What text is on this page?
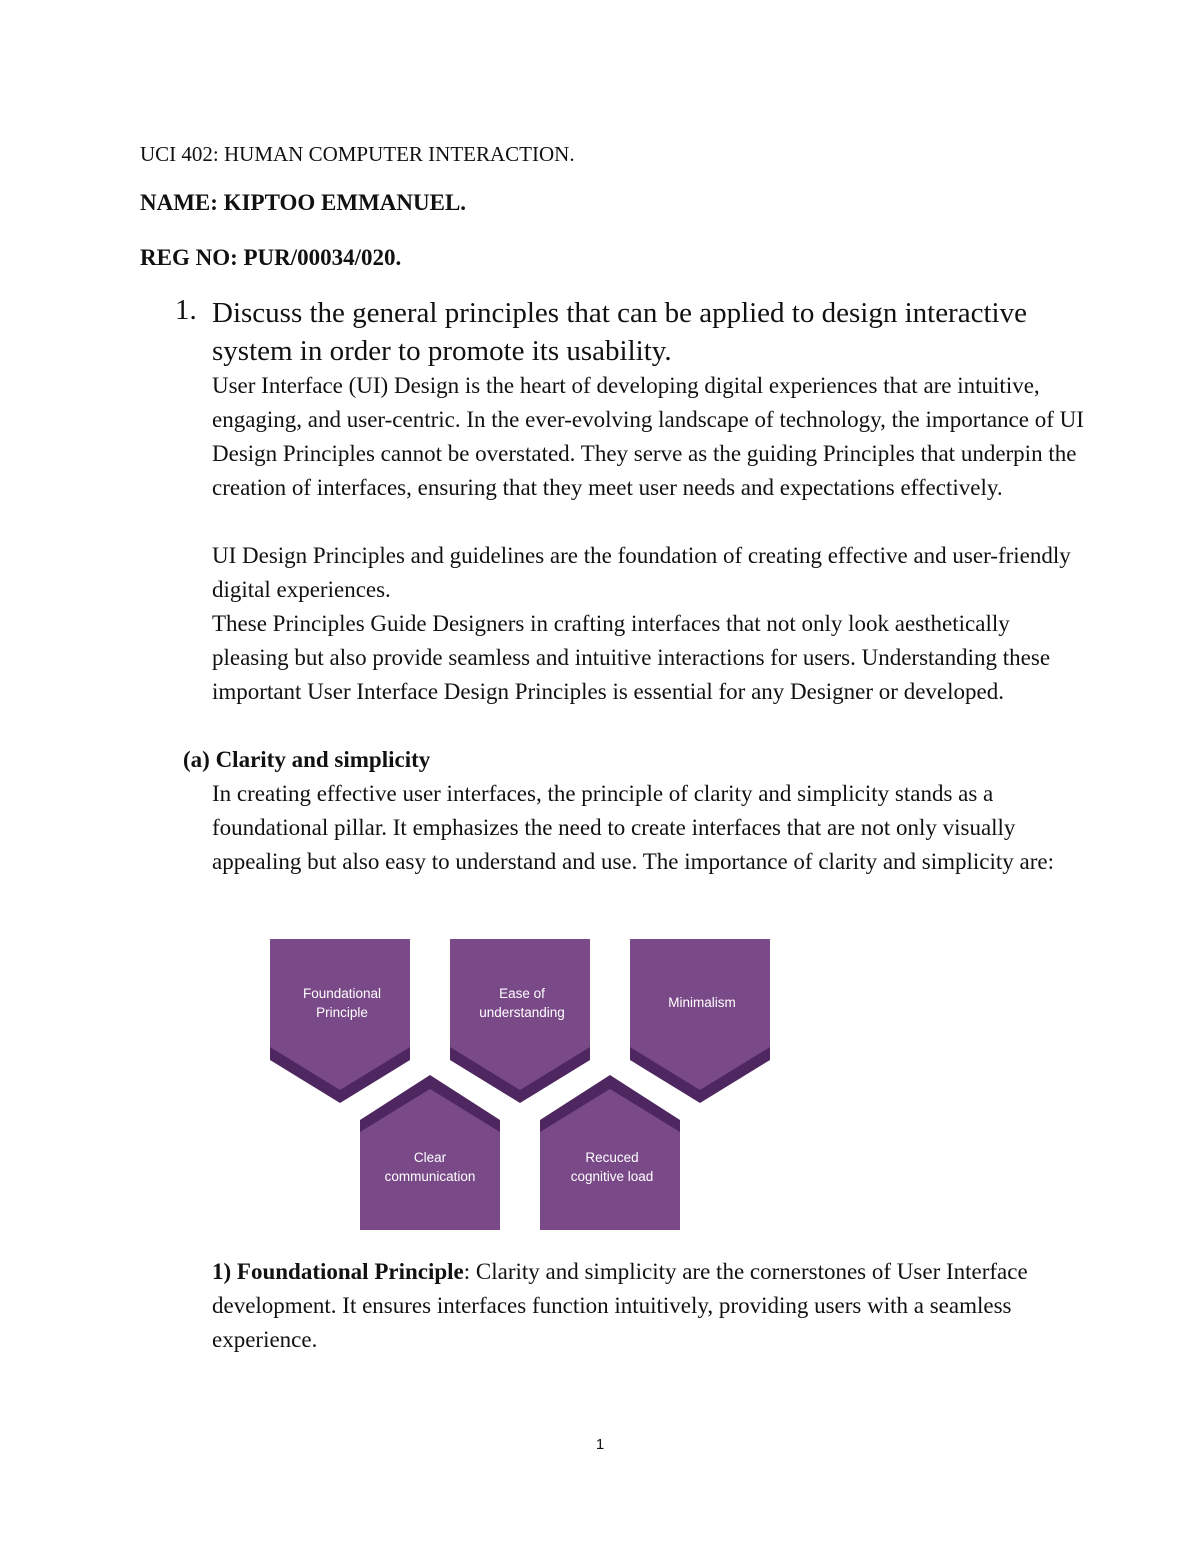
UCI 402: HUMAN COMPUTER INTERACTION.
NAME: KIPTOO EMMANUEL.
REG NO: PUR/00034/020.
1. Discuss the general principles that can be applied to design interactive system in order to promote its usability.
User Interface (UI) Design is the heart of developing digital experiences that are intuitive, engaging, and user-centric. In the ever-evolving landscape of technology, the importance of UI Design Principles cannot be overstated. They serve as the guiding Principles that underpin the creation of interfaces, ensuring that they meet user needs and expectations effectively.
UI Design Principles and guidelines are the foundation of creating effective and user-friendly digital experiences.
These Principles Guide Designers in crafting interfaces that not only look aesthetically pleasing but also provide seamless and intuitive interactions for users. Understanding these important User Interface Design Principles is essential for any Designer or developed.
(a) Clarity and simplicity
In creating effective user interfaces, the principle of clarity and simplicity stands as a foundational pillar. It emphasizes the need to create interfaces that are not only visually appealing but also easy to understand and use. The importance of clarity and simplicity are:
Foundational
Principle
Ease of
understanding
Minimalism
Clear
communication
Recuced
cognitive load
1) Foundational Principle: Clarity and simplicity are the cornerstones of User Interface development. It ensures interfaces function intuitively, providing users with a seamless experience.
1
